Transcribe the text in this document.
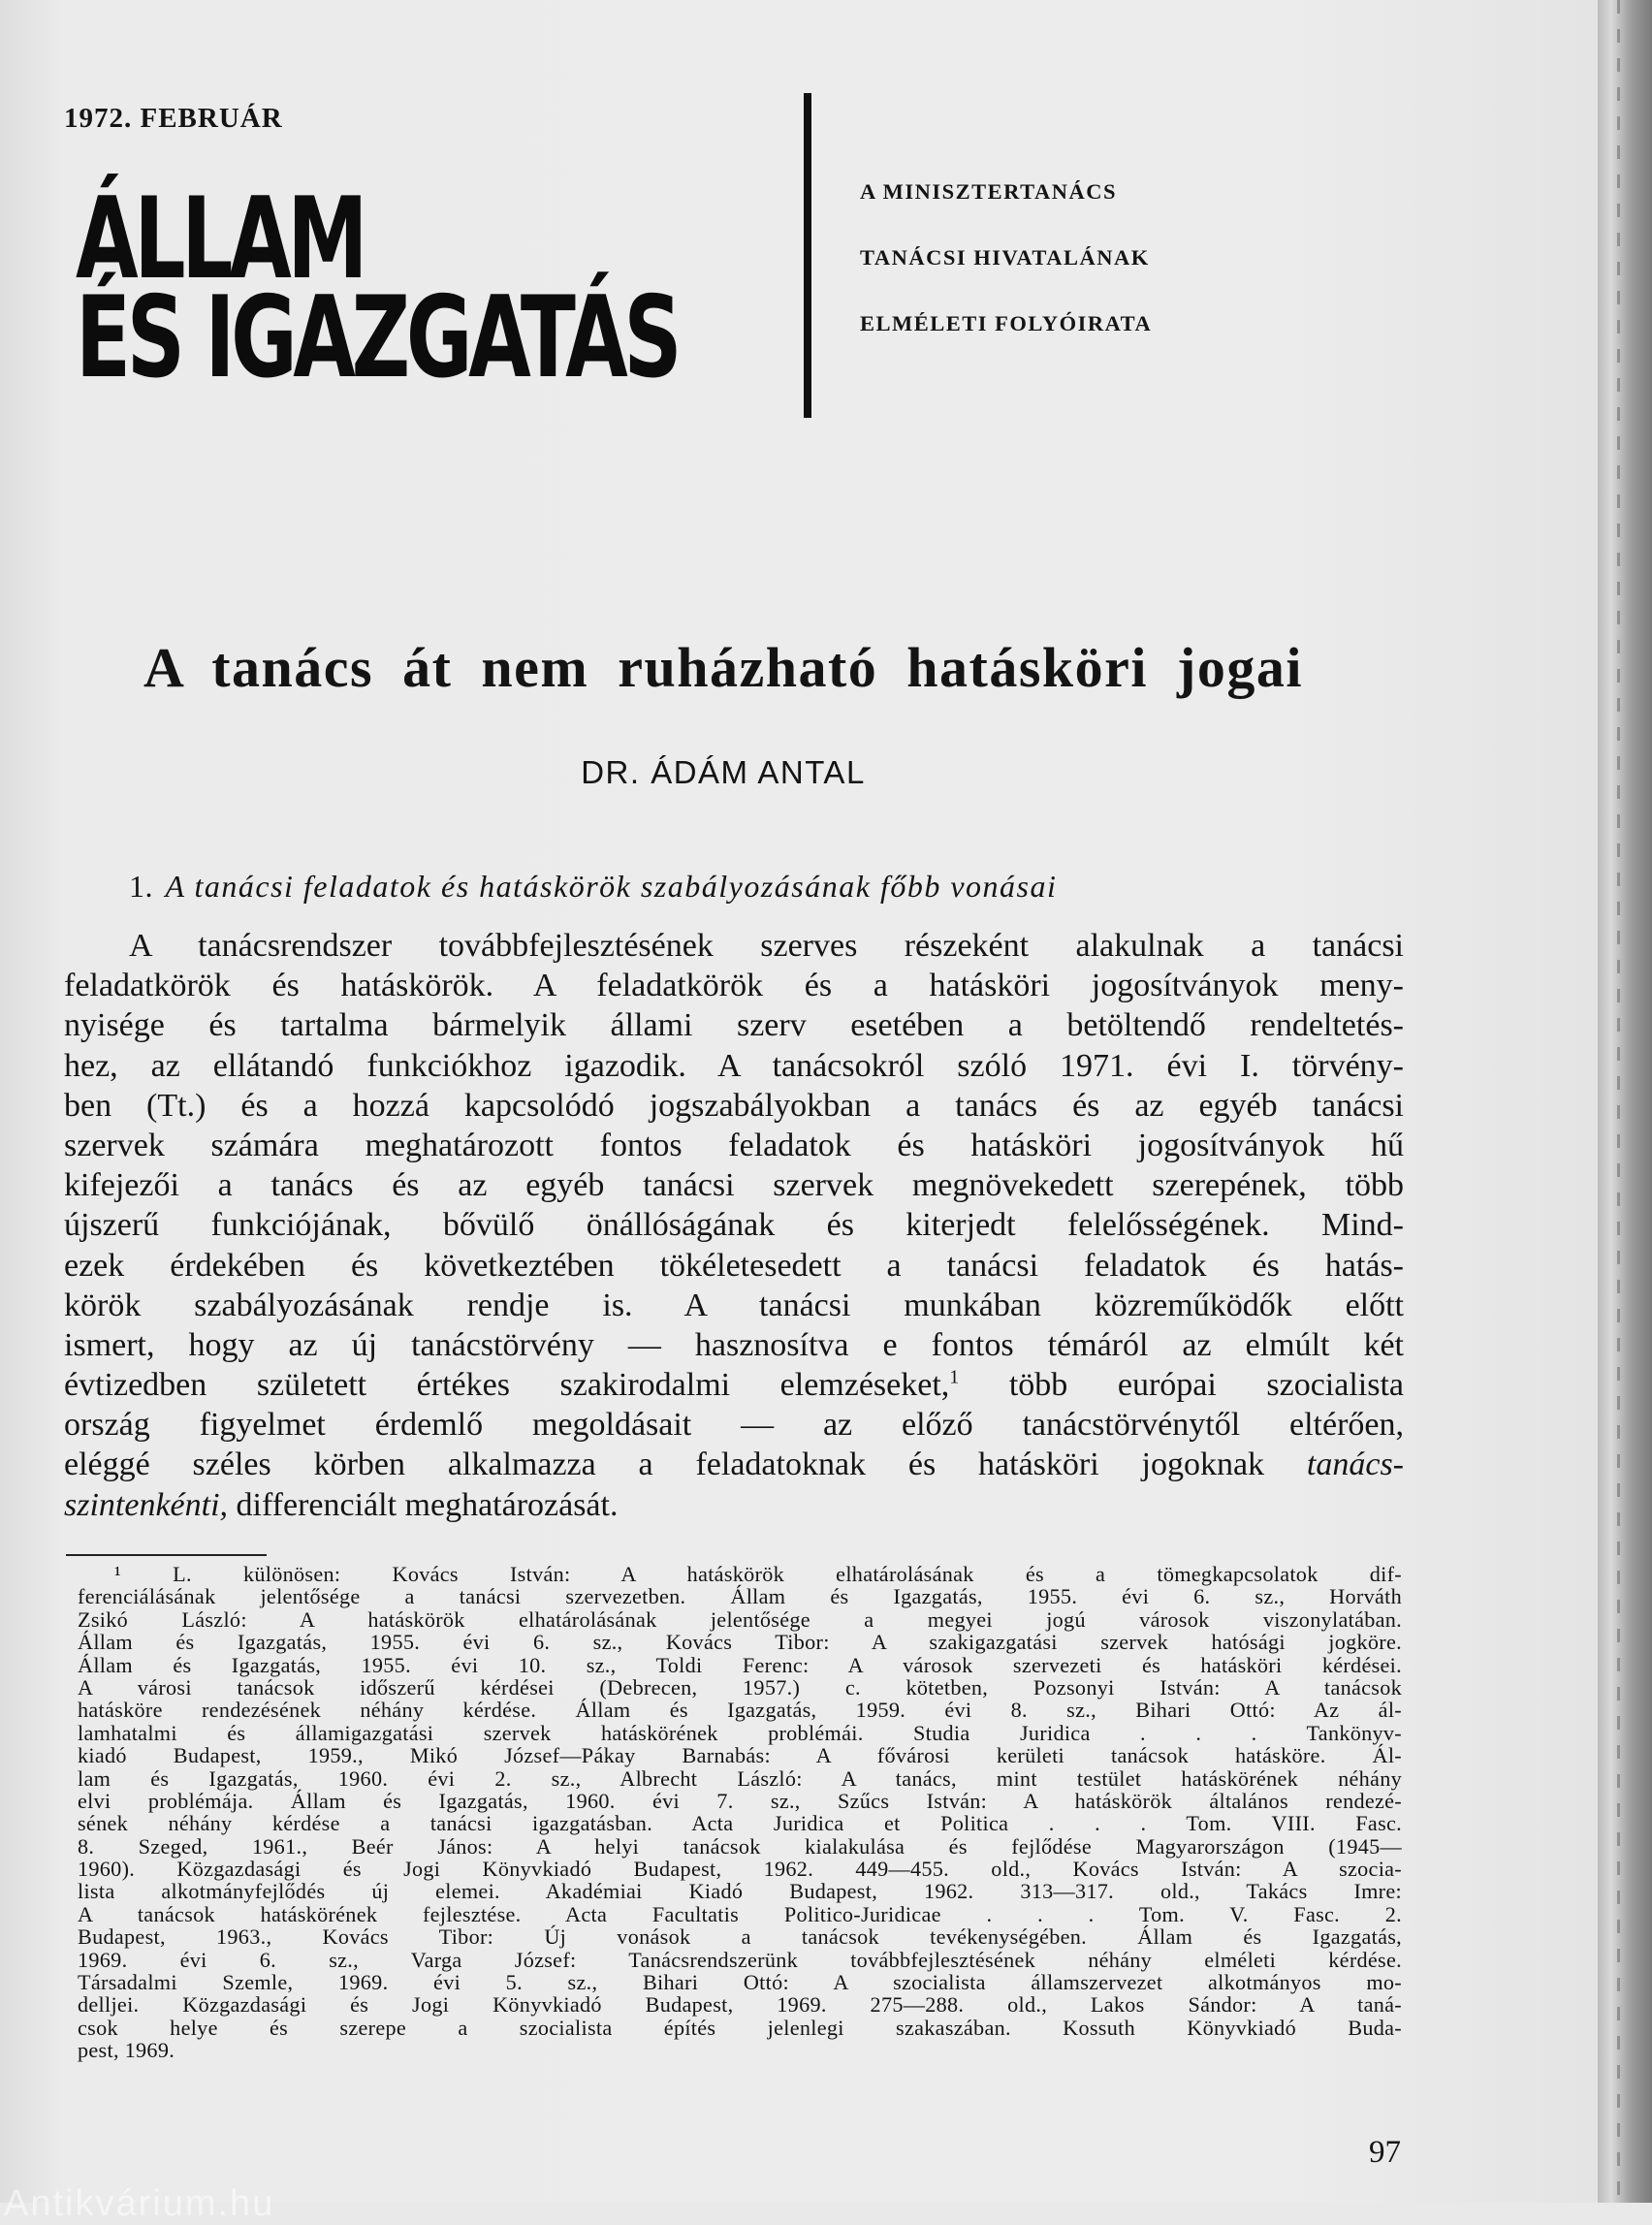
1972. FEBRUÁR
ÁLLAM
ÉS IGAZGATÁS
A MINISZTERTANÁCS
TANÁCSI HIVATALÁNAK
ELMÉLETI FOLYÓIRATA
A tanács át nem ruházható hatásköri jogai
DR. ÁDÁM ANTAL
1. A tanácsi feladatok és hatáskörök szabályozásának főbb vonásai
A tanácsrendszer továbbfejlesztésének szerves részeként alakulnak a tanácsi
feladatkörök és hatáskörök. A feladatkörök és a hatásköri jogosítványok meny-
nyisége és tartalma bármelyik állami szerv esetében a betöltendő rendeltetés-
hez, az ellátandó funkciókhoz igazodik. A tanácsokról szóló 1971. évi I. törvény-
ben (Tt.) és a hozzá kapcsolódó jogszabályokban a tanács és az egyéb tanácsi
szervek számára meghatározott fontos feladatok és hatásköri jogosítványok hű
kifejezői a tanács és az egyéb tanácsi szervek megnövekedett szerepének, több
újszerű funkciójának, bővülő önállóságának és kiterjedt felelősségének. Mind-
ezek érdekében és következtében tökéletesedett a tanácsi feladatok és hatás-
körök szabályozásának rendje is. A tanácsi munkában közreműködők előtt
ismert, hogy az új tanácstörvény — hasznosítva e fontos témáról az elmúlt két
évtizedben született értékes szakirodalmi elemzéseket,$^1$ több európai szocialista
ország figyelmet érdemlő megoldásait — az előző tanácstörvénytől eltérően,
eléggé széles körben alkalmazza a feladatoknak és hatásköri jogoknak tanács-
szintenkénti, differenciált meghatározását.
¹ L. különösen: Kovács István: A hatáskörök elhatárolásának és a tömegkapcsolatok dif-
ferenciálásának jelentősége a tanácsi szervezetben. Állam és Igazgatás, 1955. évi 6. sz., Horváth
Zsikó László: A hatáskörök elhatárolásának jelentősége a megyei jogú városok viszonylatában.
Állam és Igazgatás, 1955. évi 6. sz., Kovács Tibor: A szakigazgatási szervek hatósági jogköre.
Állam és Igazgatás, 1955. évi 10. sz., Toldi Ferenc: A városok szervezeti és hatásköri kérdései.
A városi tanácsok időszerű kérdései (Debrecen, 1957.) c. kötetben, Pozsonyi István: A tanácsok
hatásköre rendezésének néhány kérdése. Állam és Igazgatás, 1959. évi 8. sz., Bihari Ottó: Az ál-
lamhatalmi és államigazgatási szervek hatáskörének problémái. Studia Juridica . . . Tankönyv-
kiadó Budapest, 1959., Mikó József—Pákay Barnabás: A fővárosi kerületi tanácsok hatásköre. Ál-
lam és Igazgatás, 1960. évi 2. sz., Albrecht László: A tanács, mint testület hatáskörének néhány
elvi problémája. Állam és Igazgatás, 1960. évi 7. sz., Szűcs István: A hatáskörök általános rendezé-
sének néhány kérdése a tanácsi igazgatásban. Acta Juridica et Politica . . . Tom. VIII. Fasc.
8. Szeged, 1961., Beér János: A helyi tanácsok kialakulása és fejlődése Magyarországon (1945—
1960). Közgazdasági és Jogi Könyvkiadó Budapest, 1962. 449—455. old., Kovács István: A szocia-
lista alkotmányfejlődés új elemei. Akadémiai Kiadó Budapest, 1962. 313—317. old., Takács Imre:
A tanácsok hatáskörének fejlesztése. Acta Facultatis Politico-Juridicae . . . Tom. V. Fasc. 2.
Budapest, 1963., Kovács Tibor: Új vonások a tanácsok tevékenységében. Állam és Igazgatás,
1969. évi 6. sz., Varga József: Tanácsrendszerünk továbbfejlesztésének néhány elméleti kérdése.
Társadalmi Szemle, 1969. évi 5. sz., Bihari Ottó: A szocialista államszervezet alkotmányos mo-
delljei. Közgazdasági és Jogi Könyvkiadó Budapest, 1969. 275—288. old., Lakos Sándor: A taná-
csok helye és szerepe a szocialista építés jelenlegi szakaszában. Kossuth Könyvkiadó Buda-
pest, 1969.
97
Antikvárium.hu
